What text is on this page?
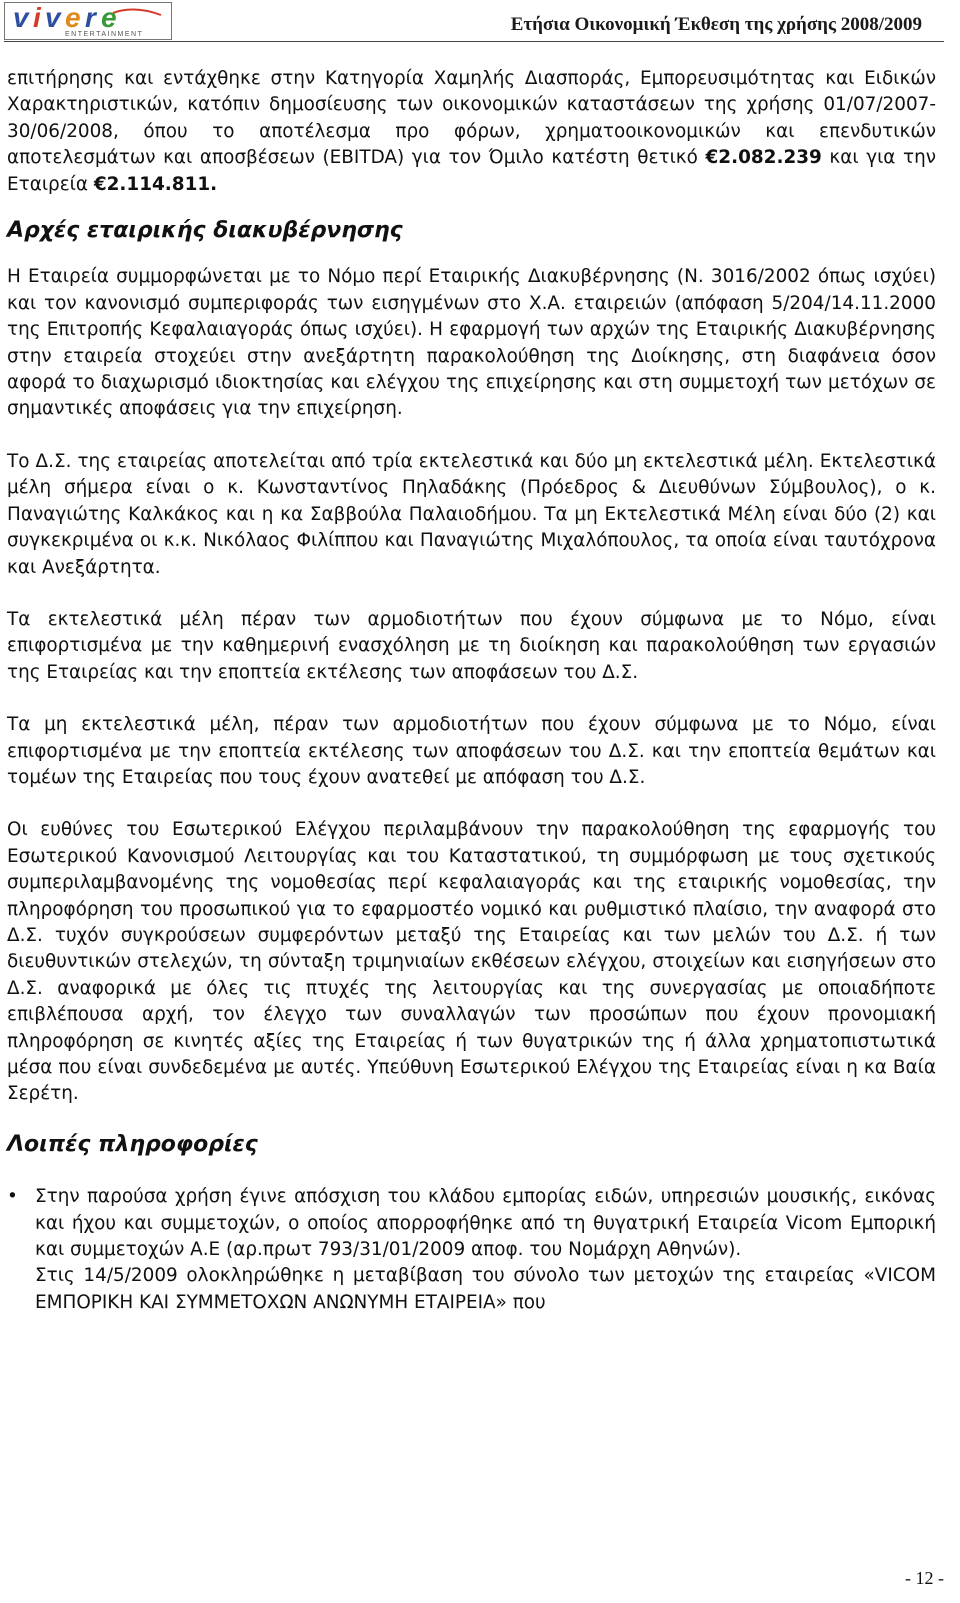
v i v e r e
ENTERTAINMENT	Ετήσια Οικονομική Έκθεση της χρήσης 2008/2009

επιτήρησης και εντάχθηκε στην Κατηγορία Χαμηλής Διασποράς, Εμπορευσιμότητας και Ειδικών Χαρακτηριστικών, κατόπιν δημοσίευσης των οικονομικών καταστάσεων της χρήσης 01/07/2007-30/06/2008, όπου το αποτέλεσμα προ φόρων, χρηματοοικονομικών και επενδυτικών αποτελεσμάτων και αποσβέσεων (EBITDA) για τον Όμιλο κατέστη θετικό €2.082.239 και για την Εταιρεία €2.114.811.

Αρχές εταιρικής διακυβέρνησης

Η Εταιρεία συμμορφώνεται με το Νόμο περί Εταιρικής Διακυβέρνησης (Ν. 3016/2002 όπως ισχύει) και τον κανονισμό συμπεριφοράς των εισηγμένων στο Χ.Α. εταιρειών (απόφαση 5/204/14.11.2000 της Επιτροπής Κεφαλαιαγοράς όπως ισχύει). Η εφαρμογή των αρχών της Εταιρικής Διακυβέρνησης στην εταιρεία στοχεύει στην ανεξάρτητη παρακολούθηση της Διοίκησης, στη διαφάνεια όσον αφορά το διαχωρισμό ιδιοκτησίας και ελέγχου της επιχείρησης και στη συμμετοχή των μετόχων σε σημαντικές αποφάσεις για την επιχείρηση.

Το Δ.Σ. της εταιρείας αποτελείται από τρία εκτελεστικά και δύο μη εκτελεστικά μέλη. Εκτελεστικά μέλη σήμερα είναι ο κ. Κωνσταντίνος Πηλαδάκης (Πρόεδρος & Διευθύνων Σύμβουλος), ο κ. Παναγιώτης Καλκάκος και η κα Σαββούλα Παλαιοδήμου. Τα μη Εκτελεστικά Μέλη είναι δύο (2) και συγκεκριμένα οι κ.κ. Νικόλαος Φιλίππου και Παναγιώτης Μιχαλόπουλος, τα οποία είναι ταυτόχρονα και Ανεξάρτητα.

Τα εκτελεστικά μέλη πέραν των αρμοδιοτήτων που έχουν σύμφωνα με το Νόμο, είναι επιφορτισμένα με την καθημερινή ενασχόληση με τη διοίκηση και παρακολούθηση των εργασιών της Εταιρείας και την εποπτεία εκτέλεσης των αποφάσεων του Δ.Σ.

Τα μη εκτελεστικά μέλη, πέραν των αρμοδιοτήτων που έχουν σύμφωνα με το Νόμο, είναι επιφορτισμένα με την εποπτεία εκτέλεσης των αποφάσεων του Δ.Σ. και την εποπτεία θεμάτων και τομέων της Εταιρείας που τους έχουν ανατεθεί με απόφαση του Δ.Σ.

Οι ευθύνες του Εσωτερικού Ελέγχου περιλαμβάνουν την παρακολούθηση της εφαρμογής του Εσωτερικού Κανονισμού Λειτουργίας και του Καταστατικού, τη συμμόρφωση με τους σχετικούς συμπεριλαμβανομένης της νομοθεσίας περί κεφαλαιαγοράς και της εταιρικής νομοθεσίας, την πληροφόρηση του προσωπικού για το εφαρμοστέο νομικό και ρυθμιστικό πλαίσιο, την αναφορά στο Δ.Σ. τυχόν συγκρούσεων συμφερόντων μεταξύ της Εταιρείας και των μελών του Δ.Σ. ή των διευθυντικών στελεχών, τη σύνταξη τριμηνιαίων εκθέσεων ελέγχου, στοιχείων και εισηγήσεων στο Δ.Σ. αναφορικά με όλες τις πτυχές της λειτουργίας και της συνεργασίας με οποιαδήποτε επιβλέπουσα αρχή, τον έλεγχο των συναλλαγών των προσώπων που έχουν προνομιακή πληροφόρηση σε κινητές αξίες της Εταιρείας ή των θυγατρικών της ή άλλα χρηματοπιστωτικά μέσα που είναι συνδεδεμένα με αυτές. Υπεύθυνη Εσωτερικού Ελέγχου της Εταιρείας είναι η κα Βαία Σερέτη.

Λοιπές πληροφορίες
• Στην παρούσα χρήση έγινε απόσχιση του κλάδου εμπορίας ειδών, υπηρεσιών μουσικής, εικόνας και ήχου και συμμετοχών, ο οποίος απορροφήθηκε από τη θυγατρική Εταιρεία Vicom Εμπορική και συμμετοχών Α.Ε (αρ.πρωτ 793/31/01/2009 αποφ. του Νομάρχη Αθηνών).
Στις 14/5/2009 ολοκληρώθηκε η μεταβίβαση του σύνολο των μετοχών της εταιρείας «VICOM ΕΜΠΟΡΙΚΗ ΚΑΙ ΣΥΜΜΕΤΟΧΩΝ ΑΝΩΝΥΜΗ ΕΤΑΙΡΕΙΑ» που
- 12 -
